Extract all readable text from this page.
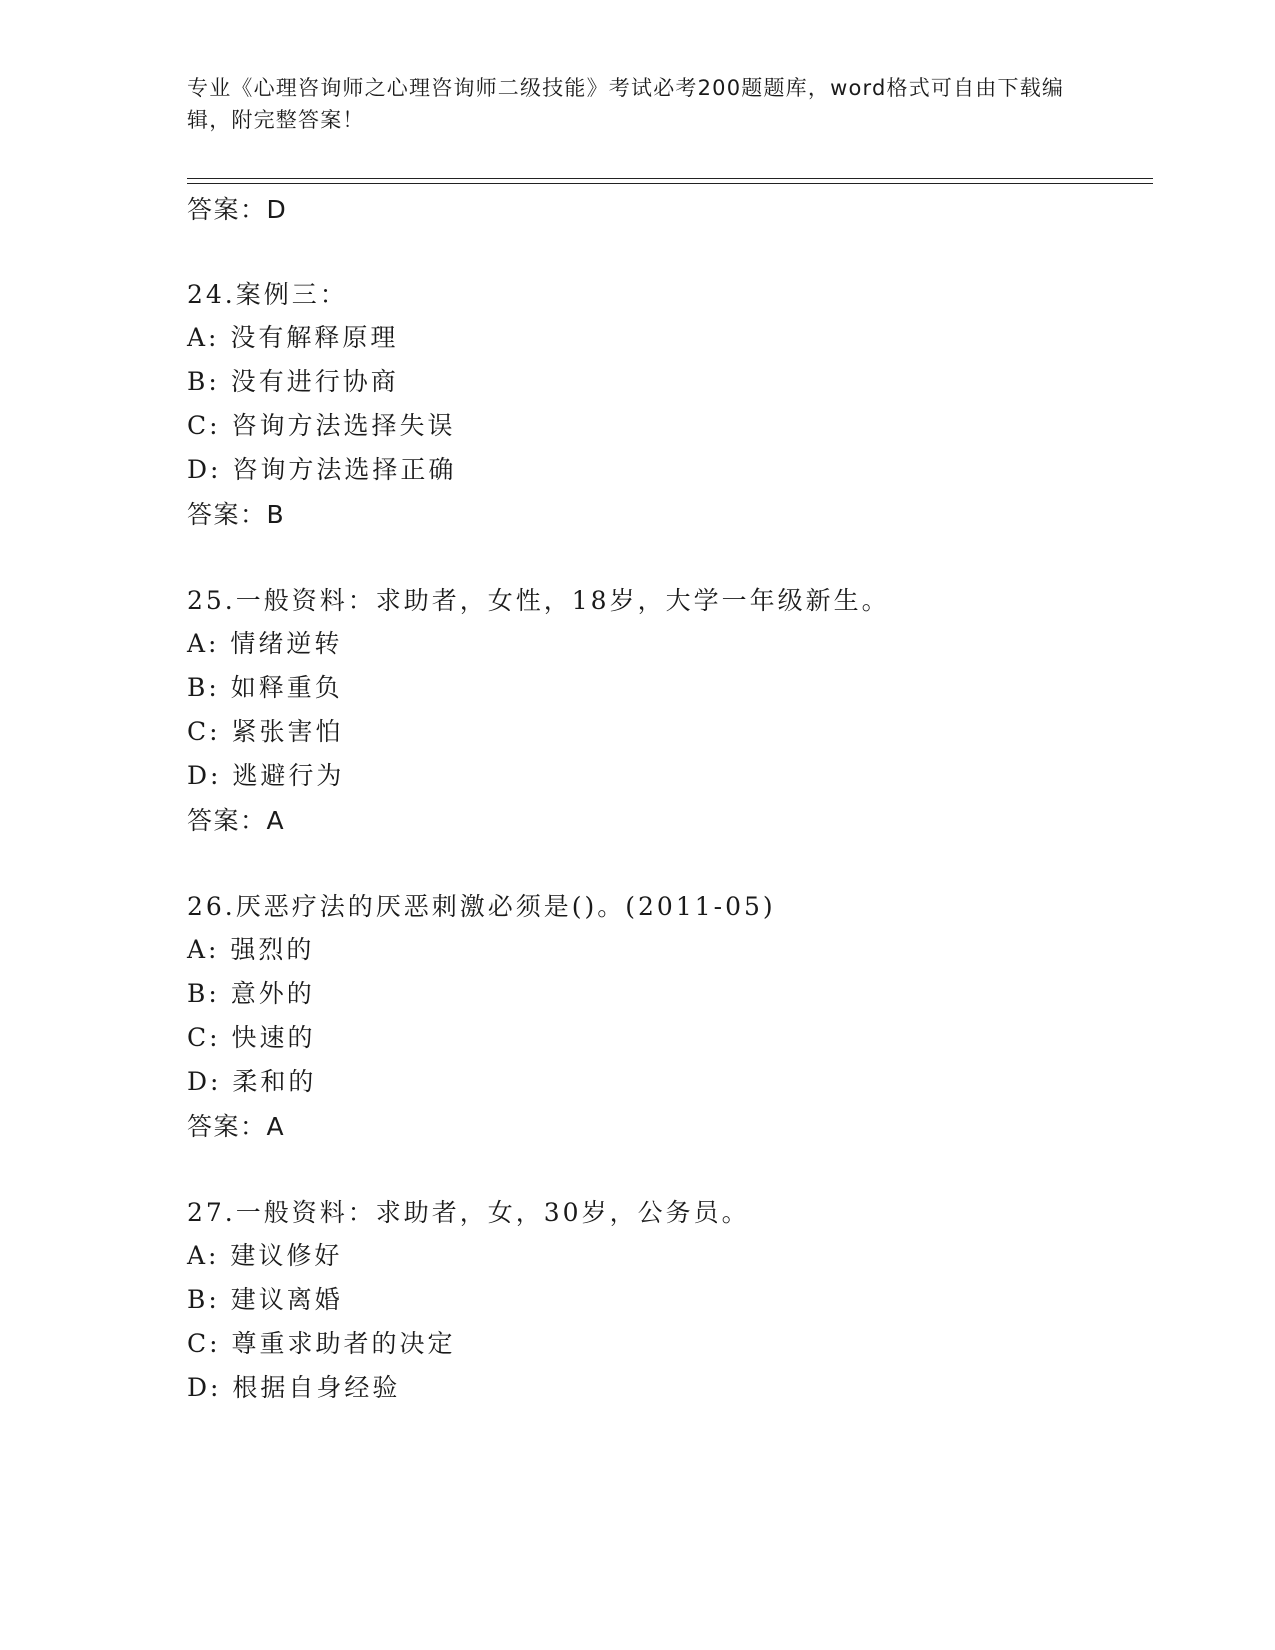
专业《心理咨询师之心理咨询师二级技能》考试必考200题题库，word格式可自由下载编辑，附完整答案！
答案：D
24.案例三：
A: 没有解释原理
B: 没有进行协商
C: 咨询方法选择失误
D: 咨询方法选择正确
答案：B
25.一般资料：求助者，女性，18岁，大学一年级新生。
A: 情绪逆转
B: 如释重负
C: 紧张害怕
D: 逃避行为
答案：A
26.厌恶疗法的厌恶刺激必须是()。(2011-05)
A: 强烈的
B: 意外的
C: 快速的
D: 柔和的
答案：A
27.一般资料：求助者，女，30岁，公务员。
A: 建议修好
B: 建议离婚
C: 尊重求助者的决定
D: 根据自身经验
